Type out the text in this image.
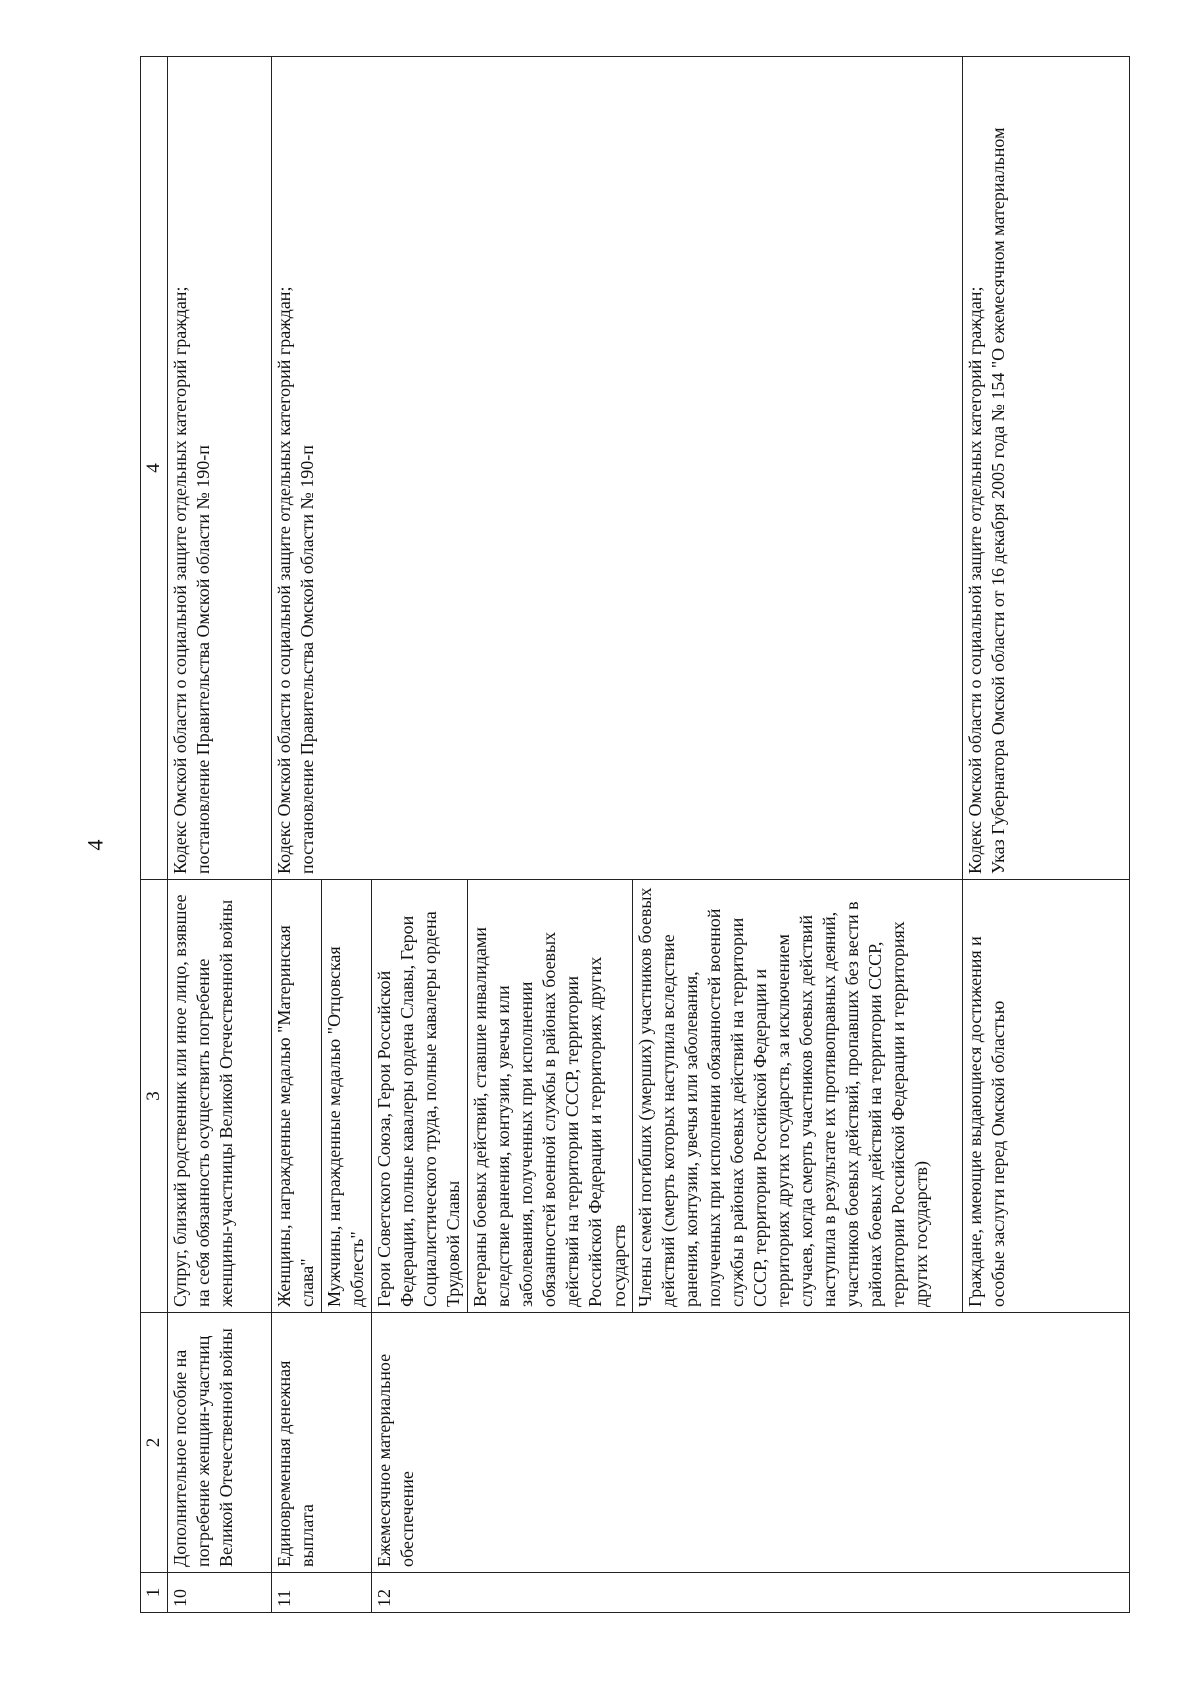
4
1	2	3	4
10	Дополнительное пособие на погребение женщин-участниц Великой Отечественной войны	Супруг, близкий родственник или иное лицо, взявшее на себя обязанность осуществить погребение женщины-участницы Великой Отечественной войны	Кодекс Омской области о социальной защите отдельных категорий граждан;
постановление Правительства Омской области № 190-п
11	Единовременная денежная выплата	Женщины, награжденные медалью "Материнская слава"	Кодекс Омской области о социальной защите отдельных категорий граждан;
постановление Правительства Омской области № 190-п
		Мужчины, награжденные медалью "Отцовская доблесть"	
12	Ежемесячное материальное обеспечение	Герои Советского Союза, Герои Российской Федерации, полные кавалеры ордена Славы, Герои Социалистического труда, полные кавалеры ордена Трудовой Славы	
		Ветераны боевых действий, ставшие инвалидами вследствие ранения, контузии, увечья или заболевания, полученных при исполнении обязанностей военной службы в районах боевых действий на территории СССР, территории Российской Федерации и территориях других государств	
		Члены семей погибших (умерших) участников боевых действий (смерть которых наступила вследствие ранения, контузии, увечья или заболевания, полученных при исполнении обязанностей военной службы в районах боевых действий на территории СССР, территории Российской Федерации и территориях других государств, за исключением случаев, когда смерть участников боевых действий наступила в результате их противоправных деяний, участников боевых действий, пропавших без вести в районах боевых действий на территории СССР, территории Российской Федерации и территориях других государств)	
		Граждане, имеющие выдающиеся достижения и особые заслуги перед Омской областью	Кодекс Омской области о социальной защите отдельных категорий граждан;
Указ Губернатора Омской области от 16 декабря 2005 года № 154 "О ежемесячном материальном
